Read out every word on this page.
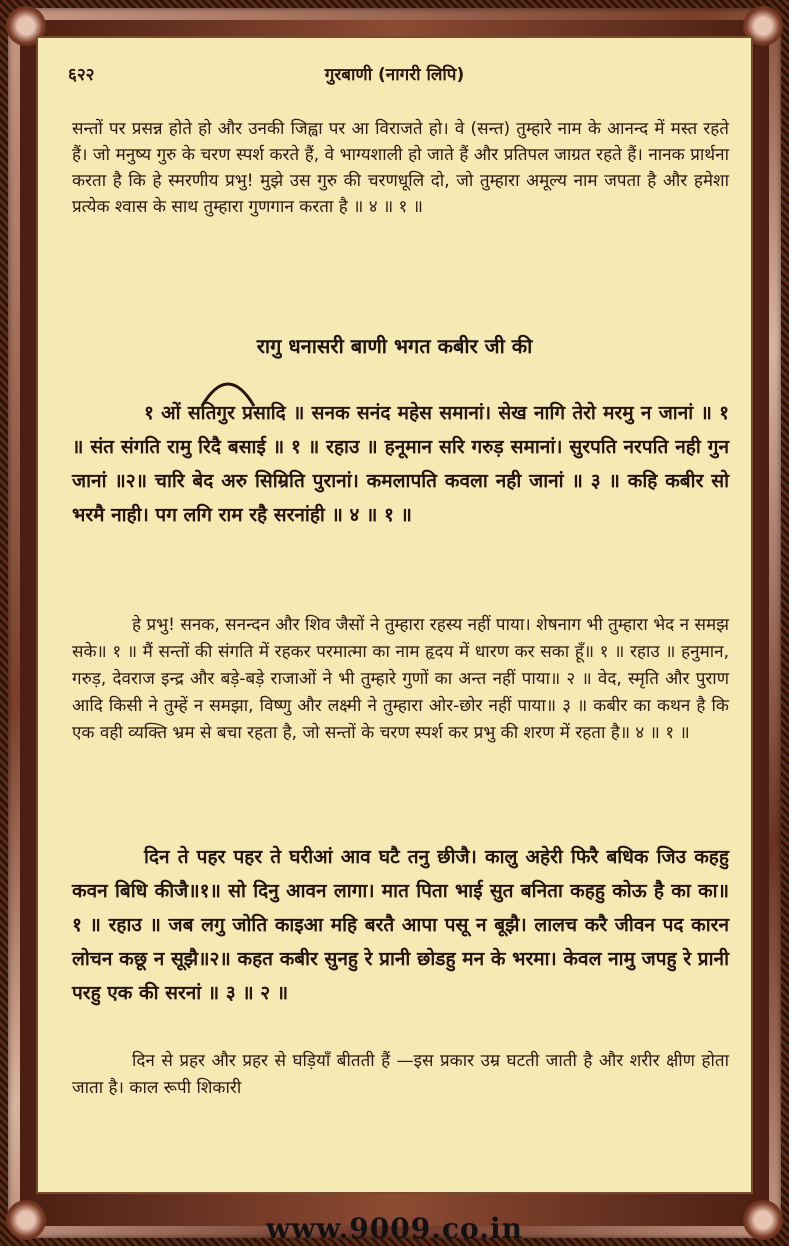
६२२	गुरबाणी (नागरी लिपि)
सन्तों पर प्रसन्न होते हो और उनकी जिह्वा पर आ विराजते हो। वे (सन्त) तुम्हारे नाम के आनन्द में मस्त रहते हैं। जो मनुष्य गुरु के चरण स्पर्श करते हैं, वे भाग्यशाली हो जाते हैं और प्रतिपल जाग्रत रहते हैं। नानक प्रार्थना करता है कि हे स्मरणीय प्रभु! मुझे उस गुरु की चरणधूलि दो, जो तुम्हारा अमूल्य नाम जपता है और हमेशा प्रत्येक श्वास के साथ तुम्हारा गुणगान करता है ॥ ४ ॥ १ ॥
रागु धनासरी बाणी भगत कबीर जी की
१ ओं सतिगुर प्रसादि ॥ सनक सनंद महेस समानां। सेख नागि तेरो मरमु न जानां ॥ १ ॥ संत संगति रामु रिदै बसाई ॥ १ ॥ रहाउ ॥ हनूमान सरि गरुड़ समानां। सुरपति नरपति नही गुन जानां ॥२॥ चारि बेद अरु सिम्रिति पुरानां। कमलापति कवला नही जानां ॥ ३ ॥ कहि कबीर सो भरमै नाही। पग लगि राम रहै सरनांही ॥ ४ ॥ १ ॥
हे प्रभु! सनक, सनन्दन और शिव जैसों ने तुम्हारा रहस्य नहीं पाया। शेषनाग भी तुम्हारा भेद न समझ सके॥ १ ॥ मैं सन्तों की संगति में रहकर परमात्मा का नाम हृदय में धारण कर सका हूँ॥ १ ॥ रहाउ ॥ हनुमान, गरुड़, देवराज इन्द्र और बड़े-बड़े राजाओं ने भी तुम्हारे गुणों का अन्त नहीं पाया॥ २ ॥ वेद, स्मृति और पुराण आदि किसी ने तुम्हें न समझा, विष्णु और लक्ष्मी ने तुम्हारा ओर-छोर नहीं पाया॥ ३ ॥ कबीर का कथन है कि एक वही व्यक्ति भ्रम से बचा रहता है, जो सन्तों के चरण स्पर्श कर प्रभु की शरण में रहता है॥ ४ ॥ १ ॥
दिन ते पहर पहर ते घरीआं आव घटै तनु छीजै। कालु अहेरी फिरै बधिक जिउ कहहु कवन बिधि कीजै॥१॥ सो दिनु आवन लागा। मात पिता भाई सुत बनिता कहहु कोऊ है का का॥ १ ॥ रहाउ ॥ जब लगु जोति काइआ महि बरतै आपा पसू न बूझै। लालच करै जीवन पद कारन लोचन कछू न सूझै॥२॥ कहत कबीर सुनहु रे प्रानी छोडहु मन के भरमा। केवल नामु जपहु रे प्रानी परहु एक की सरनां ॥ ३ ॥ २ ॥
दिन से प्रहर और प्रहर से घड़ियाँ बीतती हैं —इस प्रकार उम्र घटती जाती है और शरीर क्षीण होता जाता है। काल रूपी शिकारी
www.9009.co.in
